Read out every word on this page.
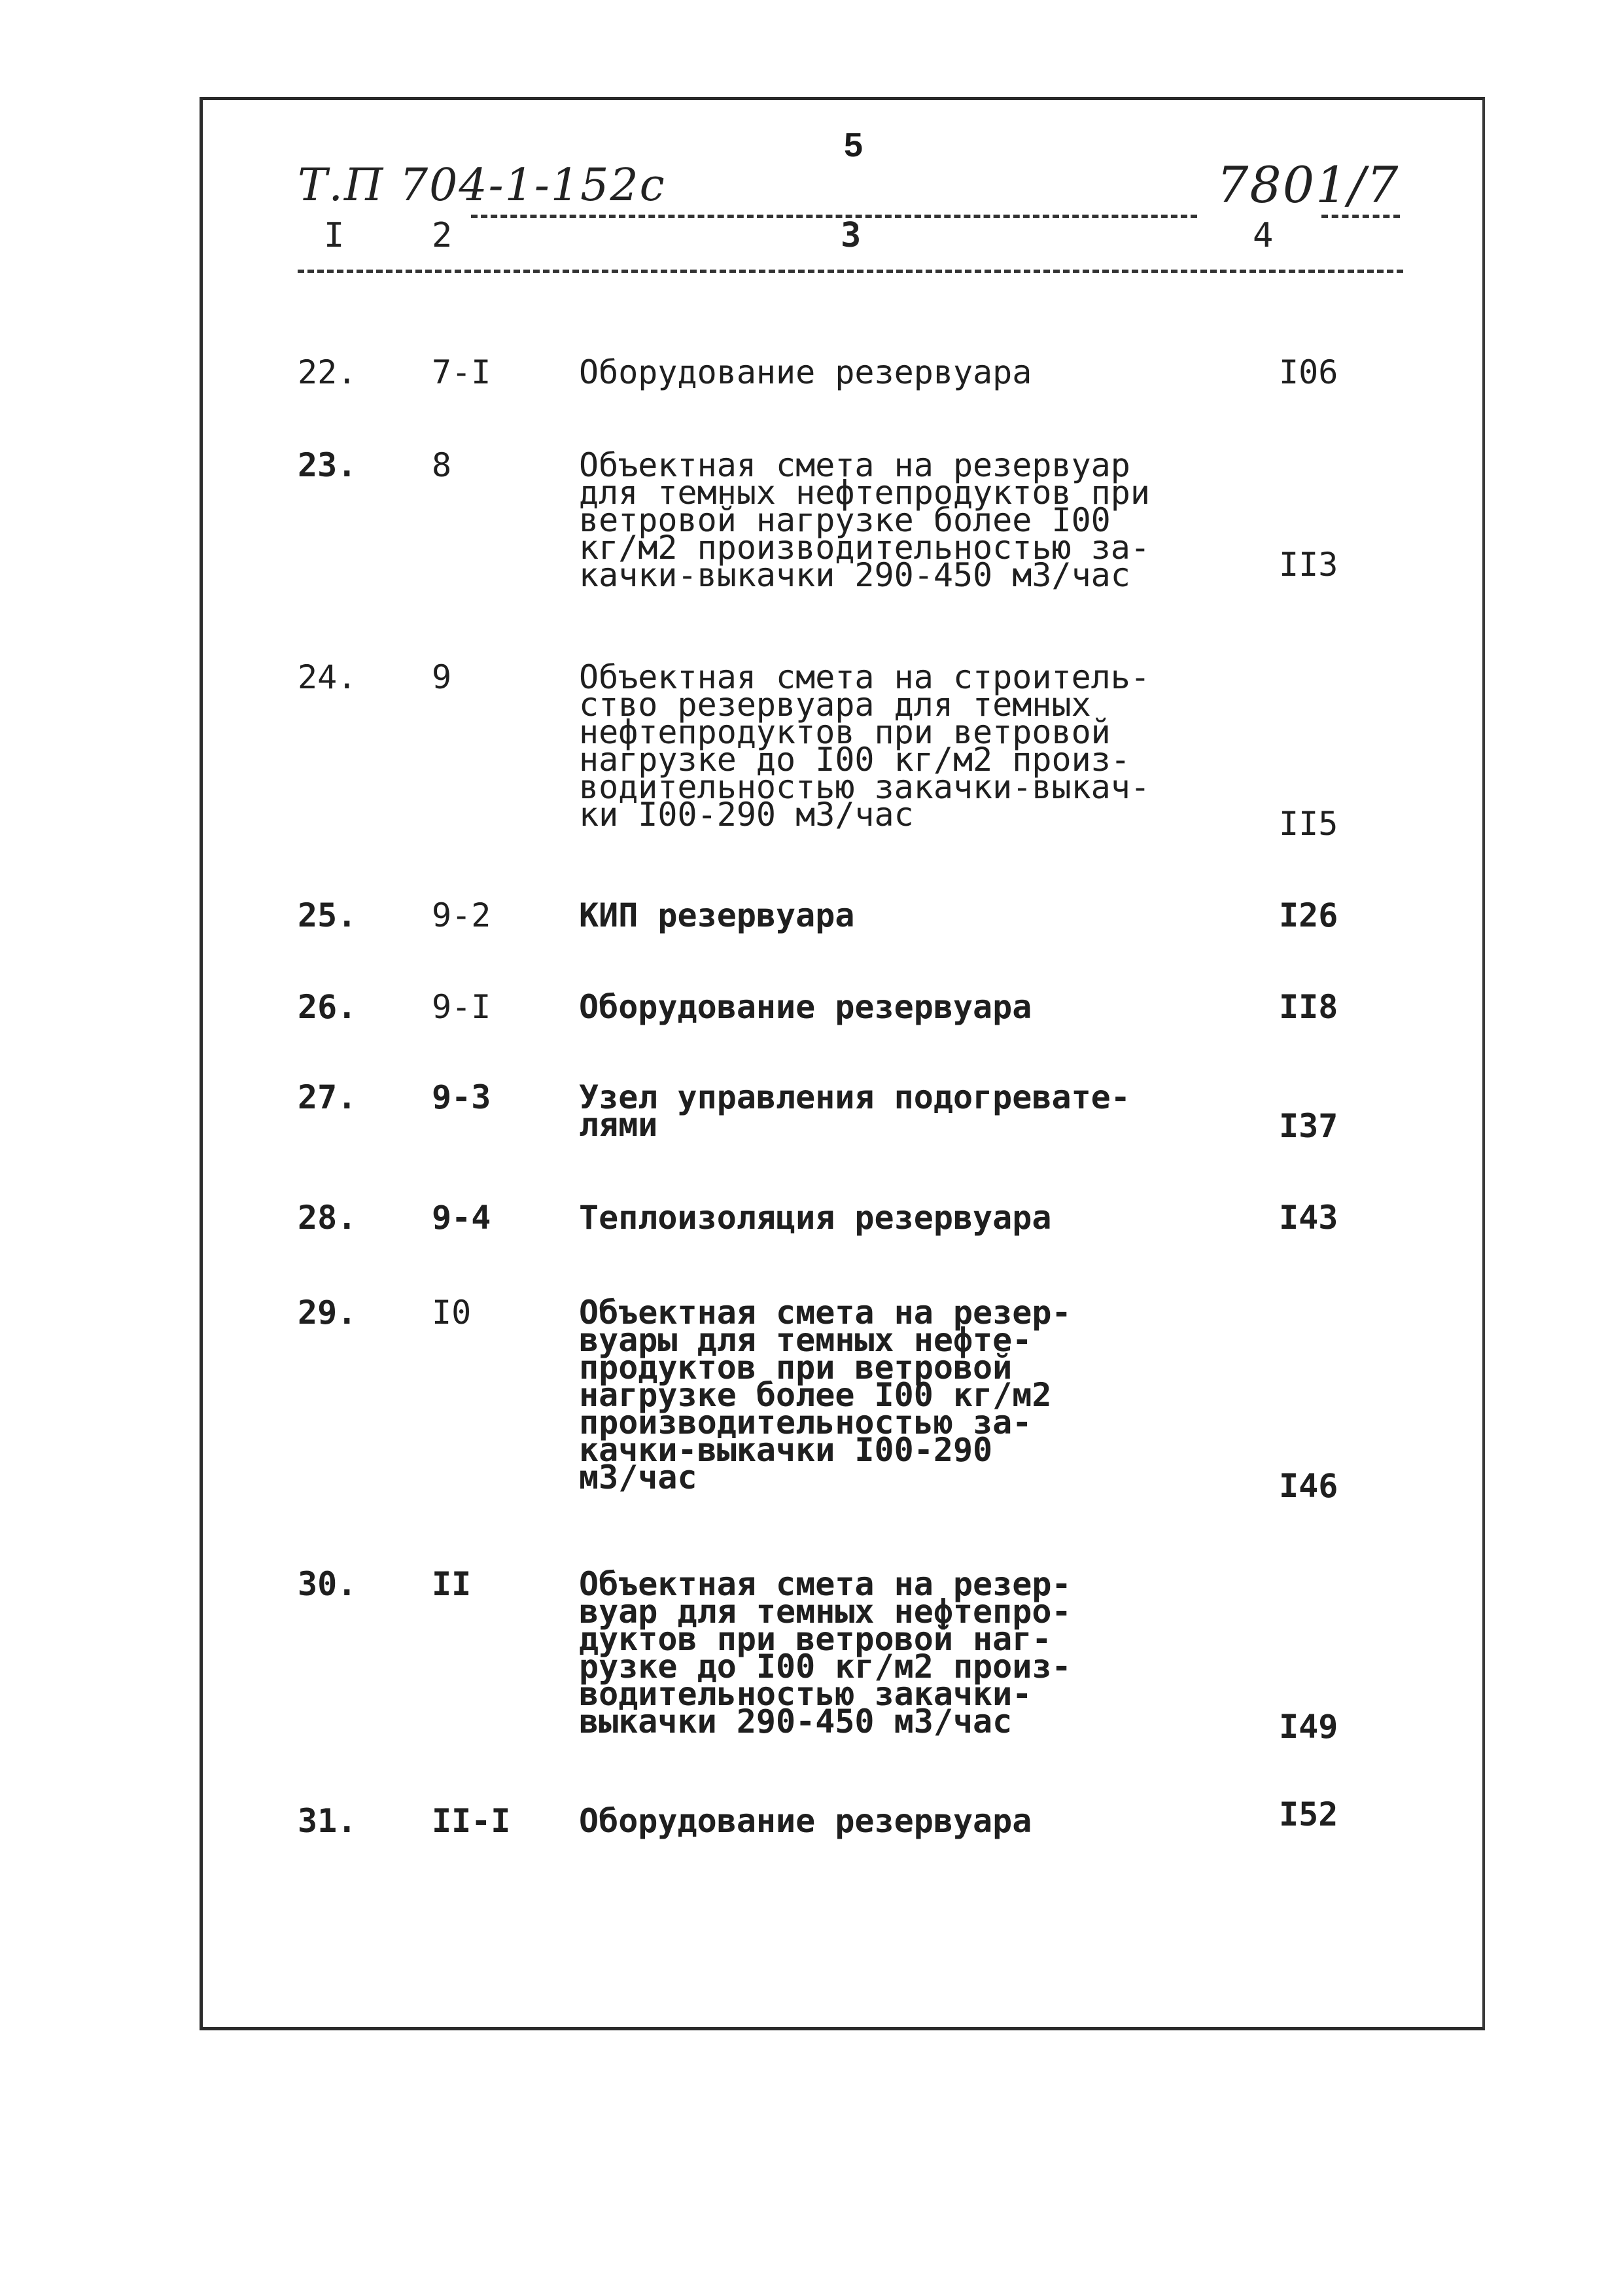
5
Т.П 704-1-152с	7801/7
I	2	3	4
22. 7-I	Оборудование резервуара	I06
23. 8	Объектная смета на резервуар
для темных нефтепродуктов при
ветровой нагрузке более I00
кг/м2 производительностью за-
качки-выкачки 290-450 м3/час	II3
24. 9	Объектная смета на строитель-
ство резервуара для темных
нефтепродуктов при ветровой
нагрузке до I00 кг/м2 произ-
водительностью закачки-выкач-
ки I00-290 м3/час	II5
25. 9-2	КИП резервуара	I26
26. 9-I	Оборудование резервуара	II8
27. 9-3	Узел управления подогревате-
лями	I37
28. 9-4	Теплоизоляция резервуара	I43
29. I0	Объектная смета на резер-
вуары для темных нефте-
продуктов при ветровой
нагрузке более I00 кг/м2
производительностью за-
качки-выкачки I00-290
м3/час	I46
30. II	Объектная смета на резер-
вуар для темных нефтепро-
дуктов при ветровой наг-
рузке до I00 кг/м2 произ-
водительностью закачки-
выкачки 290-450 м3/час	I49
31. II-I Оборудование резервуара	I52
